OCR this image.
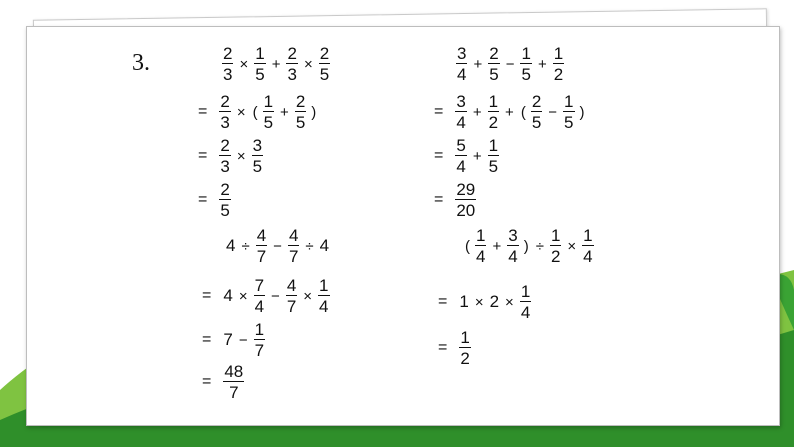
3.	$\frac{2}{3} \times \frac{1}{5} + \frac{2}{3} \times \frac{2}{5}$
= $\frac{2}{3}$ × ( $\frac{1}{5} + \frac{2}{5}$ )
= $\frac{2}{3} \times \frac{3}{5}$
= $\frac{2}{5}$
$\frac{3}{4} + \frac{2}{5} - \frac{1}{5} + \frac{1}{2}$
= $\frac{3}{4} + \frac{1}{2}$ + ( $\frac{2}{5} - \frac{1}{5}$ )
= $\frac{5}{4} + \frac{1}{5}$
= $\frac{29}{20}$
$4 \div \frac{4}{7} - \frac{4}{7} \div 4$
= $4 \times \frac{7}{4} - \frac{4}{7} \times \frac{1}{4}$
= $7 - \frac{1}{7}$
= $\frac{48}{7}$
( $\frac{1}{4} + \frac{3}{4}$ ) ÷ $\frac{1}{2} \times \frac{1}{4}$
= $1 \times 2 \times \frac{1}{4}$
= $\frac{1}{2}$
